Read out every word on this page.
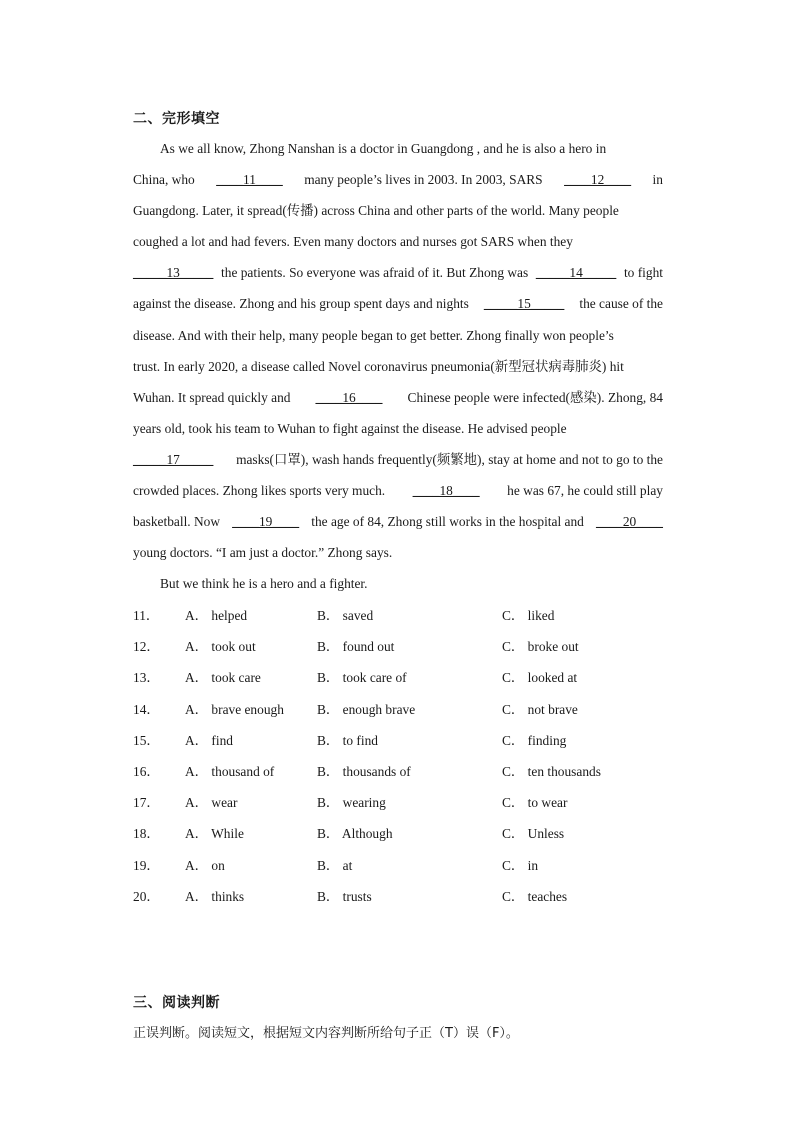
二、完形填空
As we all know, Zhong Nanshan is a doctor in Guangdong , and he is also a hero in
China, who ____11____ many people’s lives in 2003. In 2003, SARS ____12____ in
Guangdong. Later, it spread(传播) across China and other parts of the world. Many people
coughed a lot and had fevers. Even many doctors and nurses got SARS when they
_____13_____ the patients. So everyone was afraid of it. But Zhong was _____14_____ to fight
against the disease. Zhong and his group spent days and nights _____15_____ the cause of the
disease. And with their help, many people began to get better. Zhong finally won people’s
trust. In early 2020, a disease called Novel coronavirus pneumonia(新型冠状病毒肺炎) hit
Wuhan. It spread quickly and ____16____ Chinese people were infected(感染). Zhong, 84
years old, took his team to Wuhan to fight against the disease. He advised people
_____17_____ masks(口罩), wash hands frequently(频繁地), stay at home and not to go to the
crowded places. Zhong likes sports very much. ____18____ he was 67, he could still play
basketball. Now ____19____ the age of 84, Zhong still works in the hospital and ____20____
young doctors. “I am just a doctor.” Zhong says.
But we think he is a hero and a fighter.
11． A． helped	B． saved	C． liked
12． A． took out	B． found out	C． broke out
13． A． took care	B． took care of	C． looked at
14． A． brave enough B． enough brave	C． not brave
15． A． find	B． to find	C． finding
16． A． thousand of	B． thousands of	C． ten thousands
17． A． wear	B． wearing	C． to wear
18． A． While	B． Although	C． Unless
19． A． on	B． at	C． in
20． A． thinks	B． trusts	C． teaches
三、阅读判断
正误判断。阅读短文，根据短文内容判断所给句子正（T）误（F）。
